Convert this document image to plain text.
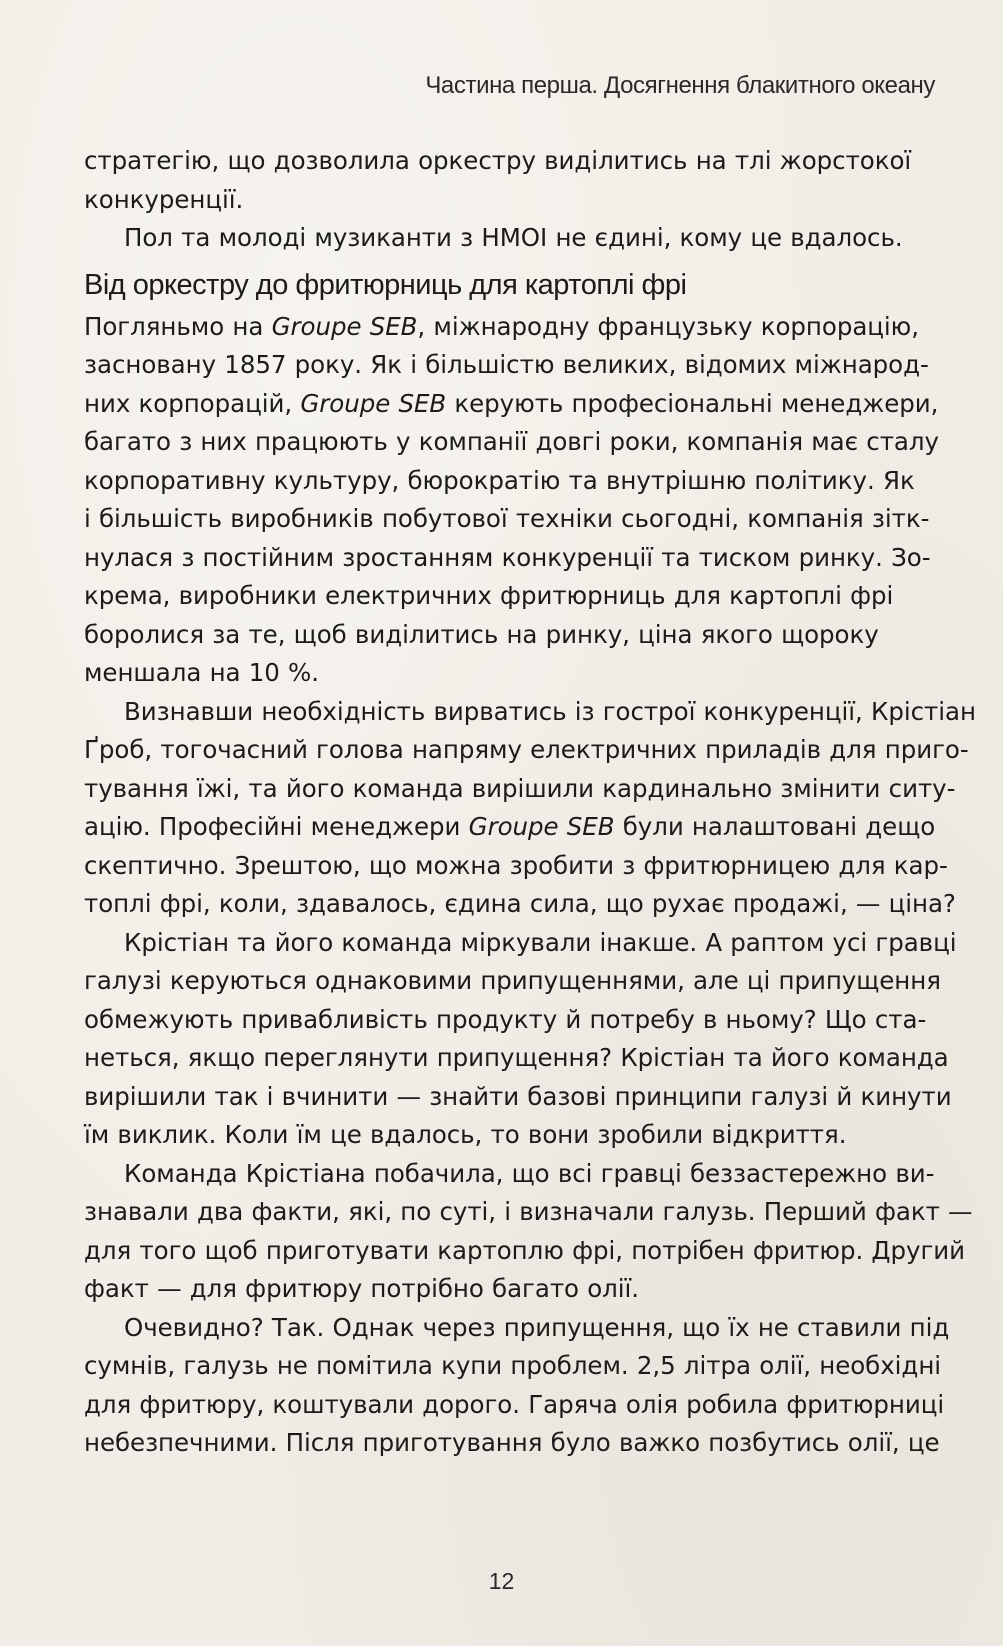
Частина перша. Досягнення блакитного океану

стратегію, що дозволила оркестру виділитись на тлі жорстокої
конкуренції.

Пол та молоді музиканти з НМОІ не єдині, кому це вдалось.

Від оркестру до фритюрниць для картоплі фрі

Погляньмо на Groupe SEB, міжнародну французьку корпорацію,
засновану 1857 року. Як і більшістю великих, відомих міжнарод-
них корпорацій, Groupe SEB керують професіональні менеджери,
багато з них працюють у компанії довгі роки, компанія має сталу
корпоративну культуру, бюрократію та внутрішню політику. Як
і більшість виробників побутової техніки сьогодні, компанія зітк-
нулася з постійним зростанням конкуренції та тиском ринку. Зо-
крема, виробники електричних фритюрниць для картоплі фрі
боролися за те, щоб виділитись на ринку, ціна якого щороку
меншала на 10 %.

Визнавши необхідність вирватись із гострої конкуренції, Крістіан
Ґроб, тогочасний голова напряму електричних приладів для приго-
тування їжі, та його команда вирішили кардинально змінити ситу-
ацію. Професійні менеджери Groupe SEB були налаштовані дещо
скептично. Зрештою, що можна зробити з фритюрницею для кар-
топлі фрі, коли, здавалось, єдина сила, що рухає продажі, — ціна?

Крістіан та його команда міркували інакше. А раптом усі гравці
галузі керуються однаковими припущеннями, але ці припущення
обмежують привабливість продукту й потребу в ньому? Що ста-
неться, якщо переглянути припущення? Крістіан та його команда
вирішили так і вчинити — знайти базові принципи галузі й кинути
їм виклик. Коли їм це вдалось, то вони зробили відкриття.

Команда Крістіана побачила, що всі гравці беззастережно ви-
знавали два факти, які, по суті, і визначали галузь. Перший факт —
для того щоб приготувати картоплю фрі, потрібен фритюр. Другий
факт — для фритюру потрібно багато олії.

Очевидно? Так. Однак через припущення, що їх не ставили під
сумнів, галузь не помітила купи проблем. 2,5 літра олії, необхідні
для фритюру, коштували дорого. Гаряча олія робила фритюрниці
небезпечними. Після приготування було важко позбутись олії, це

12
